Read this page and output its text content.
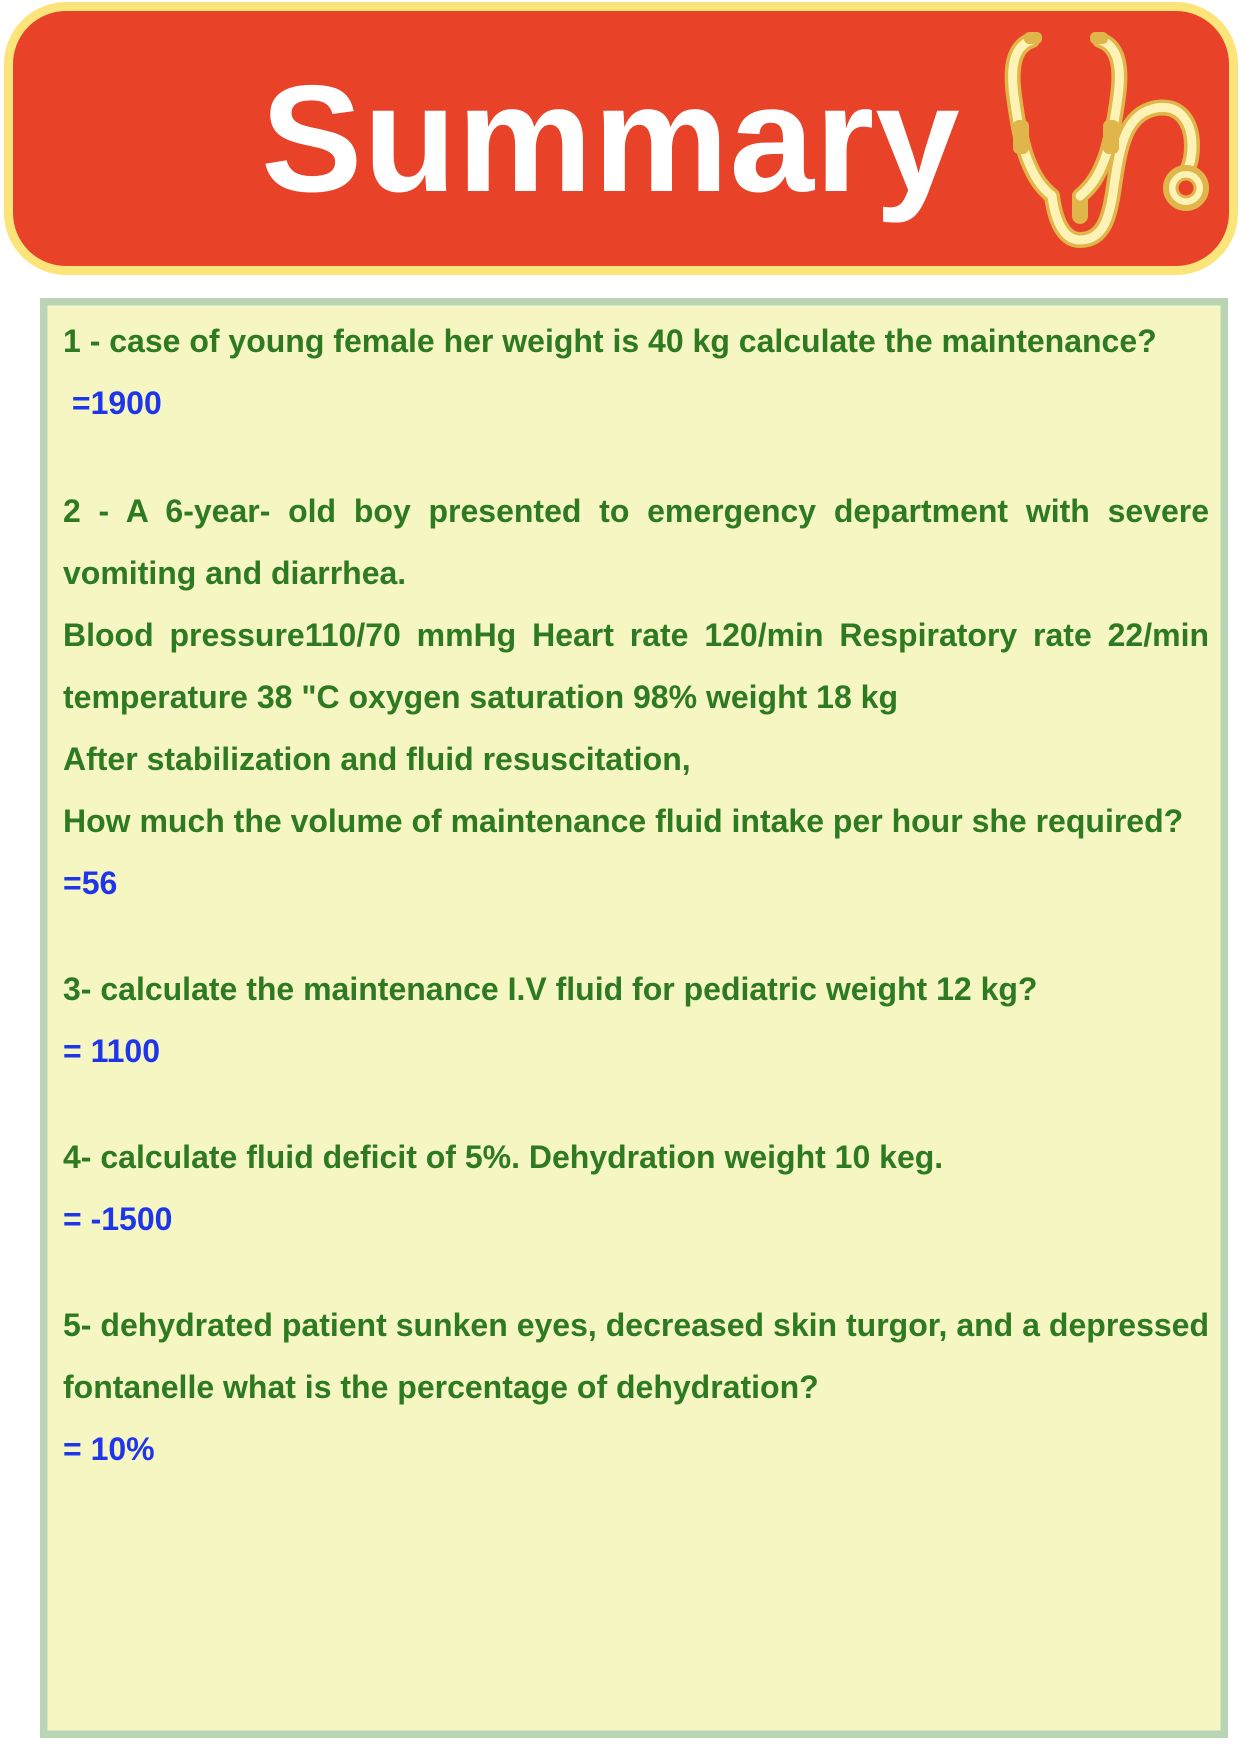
Summary

1 - case of young female her weight is 40 kg calculate the maintenance?

=1900

2 - A 6-year- old boy presented to emergency department with severe vomiting and diarrhea.

Blood pressure110/70 mmHg Heart rate 120/min Respiratory rate 22/min temperature 38 "C oxygen saturation 98% weight 18 kg

After stabilization and fluid resuscitation,

How much the volume of maintenance fluid intake per hour she required?

=56

3- calculate the maintenance I.V fluid for pediatric weight 12 kg?

= 1100

4- calculate fluid deficit of 5%. Dehydration weight 10 keg.

= -1500

5- dehydrated patient sunken eyes, decreased skin turgor, and a depressed fontanelle what is the percentage of dehydration?

= 10%
